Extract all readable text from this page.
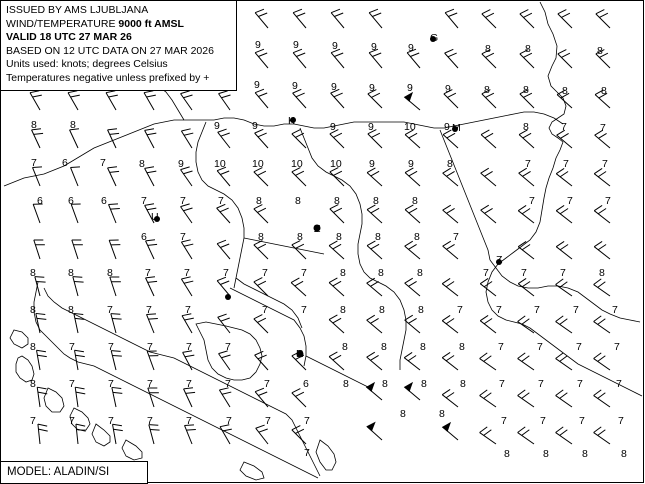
ISSUED BY AMS LJUBLJANA
WIND/TEMPERATURE 9000 ft AMSL
VALID 18 UTC 27 MAR 26
BASED ON 12 UTC DATA ON 27 MAR 2026
Units used: knots; degrees Celsius
Temperatures negative unless prefixed by +
MODEL: ALADIN/SI
9	9	9	9	9	8	8	8
9	9	9	9	9	9	8	8	8	8
8	8	9	9	9	9	10	9	8	7	7
7 6	7	8	9	10	10	10	10	9	9	8	7	7	7
6 6	6	7	7	7	8	8	8	8	8	7	7	7
6	7	8	8	8	8	8	7
8	8	8	7	7	7	7	7	8	8	8	7	7	7	8
8	8	7	7	7	7	7	8	8	8	7	7	7	7	7
8	7	7	7	7	7	8	8	8	8	7	7	7	7
8	7	7	7	7	7	7	6	8	8	8	8	7	7	7	7
7	7	7	7	7	7	7	7
8	8
7	7	7	7
7	8	8	8	8
G
K
M
U
Z
Z
R
